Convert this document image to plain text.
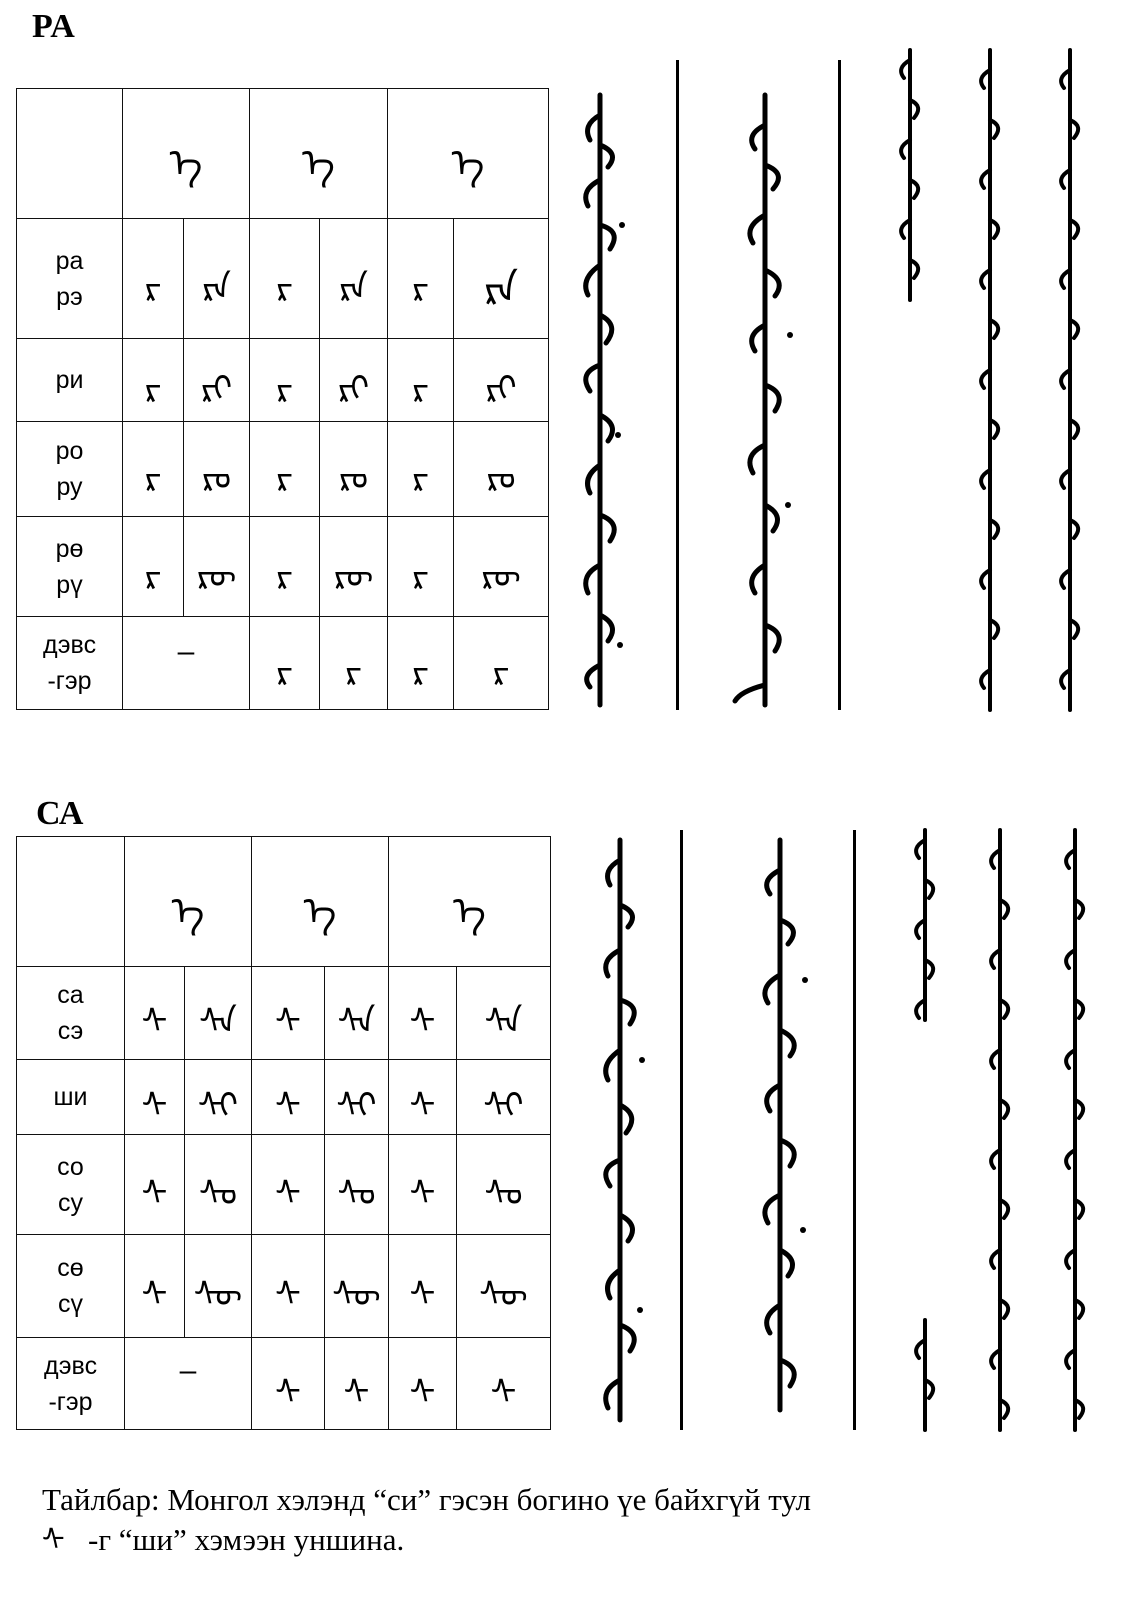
PA
	ᠡ		ᠡ		ᠡ	
ра
рэ	ᠷ	ᠷᠠ	ᠷ	ᠷᠡ	ᠷ	ᠷᠠ
ри	ᠷ	ᠷᠢ	ᠷ	ᠷᠢ	ᠷ	ᠷᠢ
ро
ру	ᠷ	ᠷᠣ	ᠷ	ᠷᠣ	ᠷ	ᠷᠣ
рө
рү	ᠷ	ᠷᠥ	ᠷ	ᠷᠥ	ᠷ	ᠷᠥ
дэвс
-гэр	–		ᠷ	ᠷ	ᠷ	ᠷ
СА
	ᠡ		ᠡ		ᠡ	
са
сэ	ᠰ	ᠰᠠ	ᠰ	ᠰᠡ	ᠰ	ᠰᠠ
ши	ᠰ	ᠰᠢ	ᠰ	ᠰᠢ	ᠰ	ᠰᠢ
со
су	ᠰ	ᠰᠣ	ᠰ	ᠰᠣ	ᠰ	ᠰᠣ
сө
сү	ᠰ	ᠰᠥ	ᠰ	ᠰᠥ	ᠰ	ᠰᠥ
дэвс
-гэр	–		ᠰ	ᠰ	ᠰ	ᠰ
Тайлбар: Монгол хэлэнд “си” гэсэн богино үе байхгүй тул
ᠰ -г “ши” хэмээн уншина.
